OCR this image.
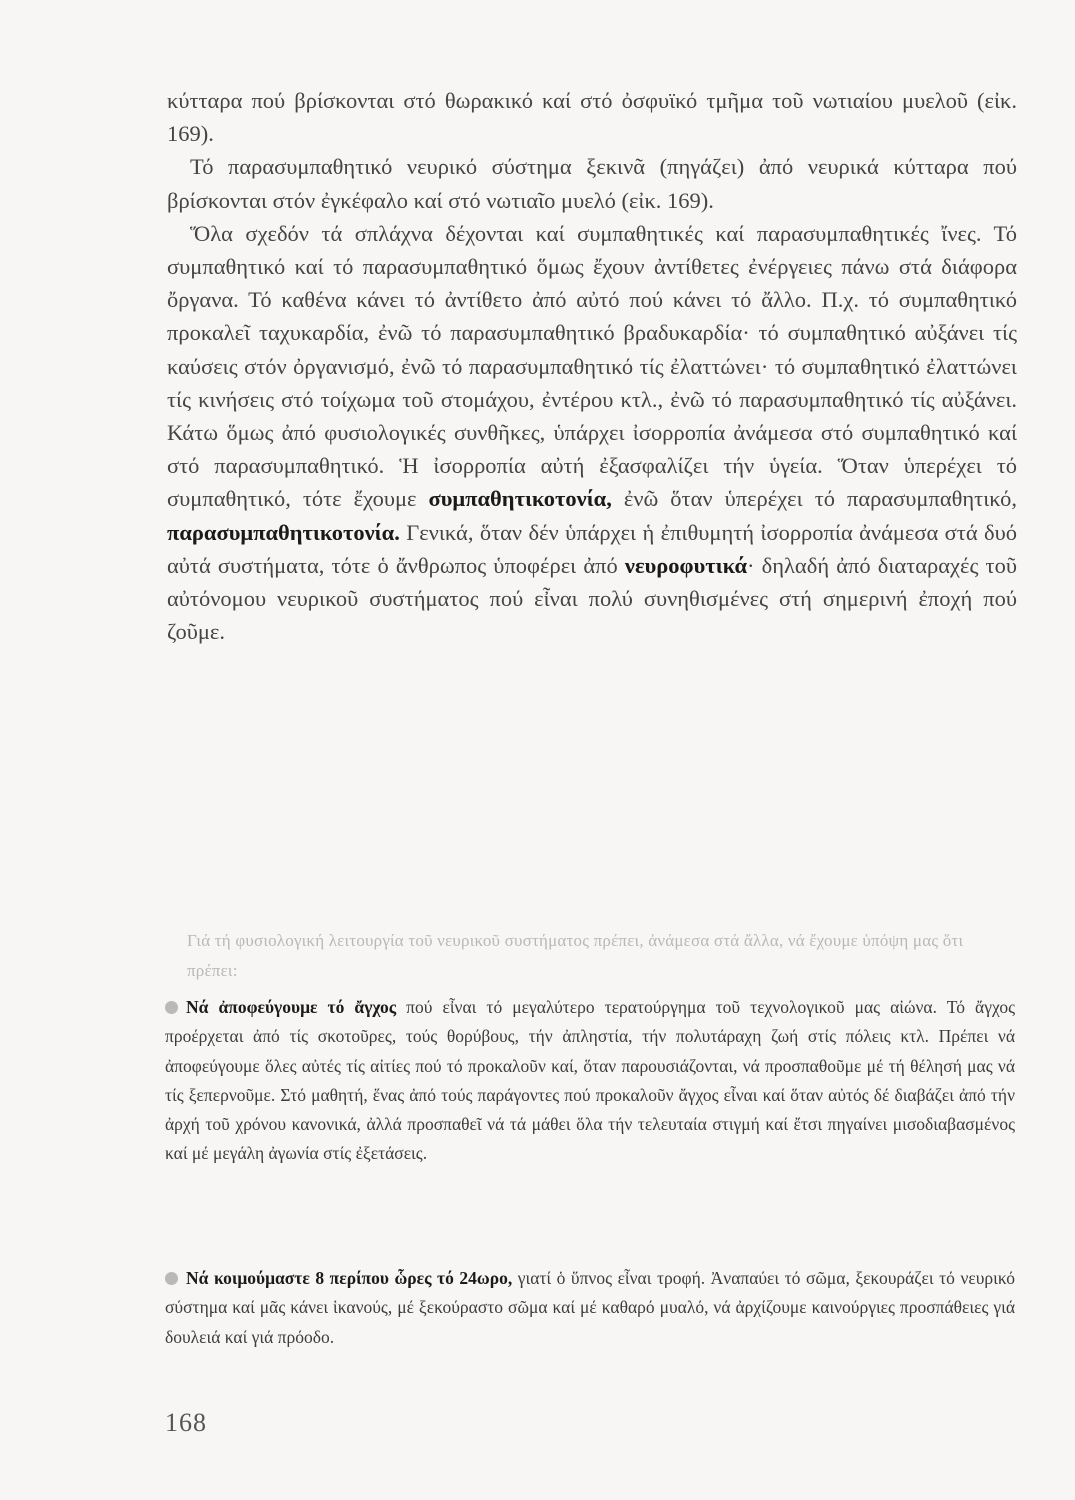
κύτταρα πού βρίσκονται στό θωρακικό καί στό ὀσφυϊκό τμῆμα τοῦ νωτιαίου μυελοῦ (εἰκ. 169).

Τό παρασυμπαθητικό νευρικό σύστημα ξεκινᾶ (πηγάζει) ἀπό νευρικά κύτταρα πού βρίσκονται στόν ἐγκέφαλο καί στό νωτιαῖο μυελό (εἰκ. 169).

Ὅλα σχεδόν τά σπλάχνα δέχονται καί συμπαθητικές καί παρασυμπαθητικές ἴνες. Τό συμπαθητικό καί τό παρασυμπαθητικό ὅμως ἔχουν ἀντίθετες ἐνέργειες πάνω στά διάφορα ὄργανα. Τό καθένα κάνει τό ἀντίθετο ἀπό αὐτό πού κάνει τό ἄλλο. Π.χ. τό συμπαθητικό προκαλεῖ ταχυκαρδία, ἐνῶ τό παρασυμπαθητικό βραδυκαρδία· τό συμπαθητικό αὐξάνει τίς καύσεις στόν ὀργανισμό, ἐνῶ τό παρασυμπαθητικό τίς ἐλαττώνει· τό συμπαθητικό ἐλαττώνει τίς κινήσεις στό τοίχωμα τοῦ στομάχου, ἐντέρου κτλ., ἐνῶ τό παρασυμπαθητικό τίς αὐξάνει. Κάτω ὅμως ἀπό φυσιολογικές συνθῆκες, ὑπάρχει ἰσορροπία ἀνάμεσα στό συμπαθητικό καί στό παρασυμπαθητικό. Ἡ ἰσορροπία αὐτή ἐξασφαλίζει τήν ὑγεία. Ὅταν ὑπερέχει τό συμπαθητικό, τότε ἔχουμε συμπαθητικοτονία, ἐνῶ ὅταν ὑπερέχει τό παρασυμπαθητικό, παρασυμπαθητικοτονία. Γενικά, ὅταν δέν ὑπάρχει ἡ ἐπιθυμητή ἰσορροπία ἀνάμεσα στά δυό αὐτά συστήματα, τότε ὁ ἄνθρωπος ὑποφέρει ἀπό νευροφυτικά· δηλαδή ἀπό διαταραχές τοῦ αὐτόνομου νευρικοῦ συστήματος πού εἶναι πολύ συνηθισμένες στή σημερινή ἐποχή πού ζοῦμε.

Γιά τή φυσιολογική λειτουργία τοῦ νευρικοῦ συστήματος πρέπει, ἀνάμεσα στά ἄλλα, νά ἔχουμε ὑπόψη μας ὅτι πρέπει:

Νά ἀποφεύγουμε τό ἄγχος πού εἶναι τό μεγαλύτερο τερατούργημα τοῦ τεχνολογικοῦ μας αἰώνα. Τό ἄγχος προέρχεται ἀπό τίς σκοτοῦρες, τούς θορύβους, τήν ἀπληστία, τήν πολυτάραχη ζωή στίς πόλεις κτλ. Πρέπει νά ἀποφεύγουμε ὅλες αὐτές τίς αἰτίες πού τό προκαλοῦν καί, ὅταν παρουσιάζονται, νά προσπαθοῦμε μέ τή θέλησή μας νά τίς ξεπερνοῦμε. Στό μαθητή, ἕνας ἀπό τούς παράγοντες πού προκαλοῦν ἄγχος εἶναι καί ὅταν αὐτός δέ διαβάζει ἀπό τήν ἀρχή τοῦ χρόνου κανονικά, ἀλλά προσπαθεῖ νά τά μάθει ὅλα τήν τελευταία στιγμή καί ἔτσι πηγαίνει μισοδιαβασμένος καί μέ μεγάλη ἀγωνία στίς ἐξετάσεις.

Νά κοιμούμαστε 8 περίπου ὧρες τό 24ωρο, γιατί ὁ ὕπνος εἶναι τροφή. Ἀναπαύει τό σῶμα, ξεκουράζει τό νευρικό σύστημα καί μᾶς κάνει ἱκανούς, μέ ξεκούραστο σῶμα καί μέ καθαρό μυαλό, νά ἀρχίζουμε καινούργιες προσπάθειες γιά δουλειά καί γιά πρόοδο.

168
